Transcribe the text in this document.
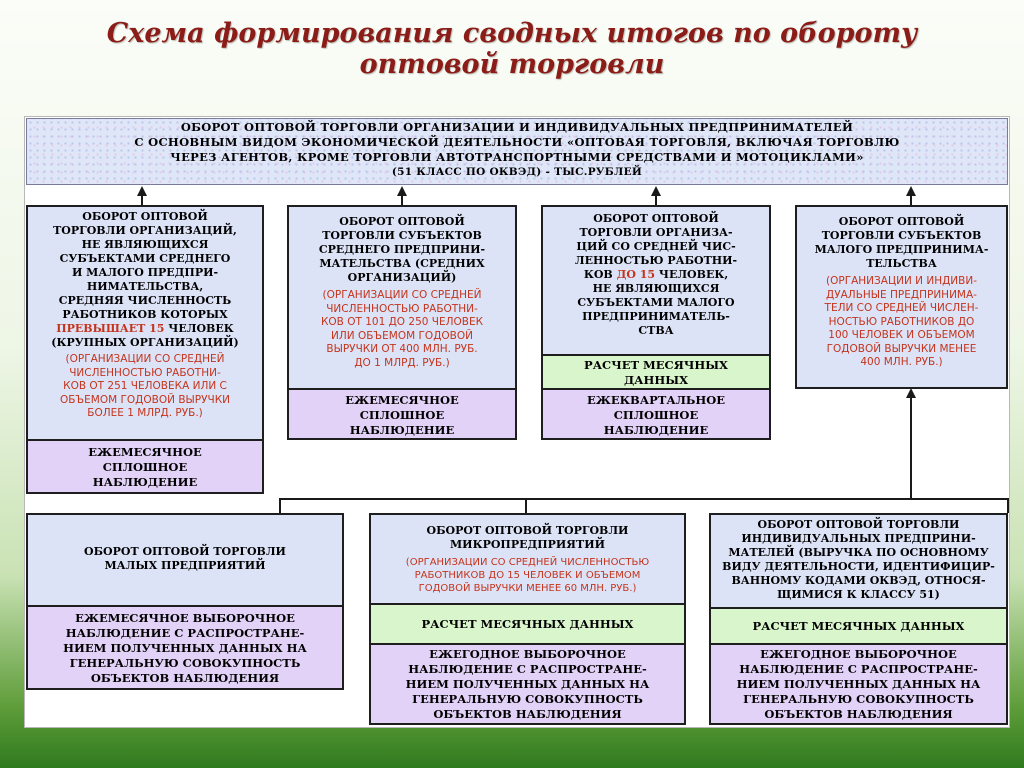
Схема формирования сводных итогов по обороту
оптовой торговли
ОБОРОТ ОПТОВОЙ ТОРГОВЛИ ОРГАНИЗАЦИИ И ИНДИВИДУАЛЬНЫХ ПРЕДПРИНИМАТЕЛЕЙ
С ОСНОВНЫМ ВИДОМ ЭКОНОМИЧЕСКОЙ ДЕЯТЕЛЬНОСТИ «ОПТОВАЯ ТОРГОВЛЯ, ВКЛЮЧАЯ ТОРГОВЛЮ
ЧЕРЕЗ АГЕНТОВ, КРОМЕ ТОРГОВЛИ АВТОТРАНСПОРТНЫМИ СРЕДСТВАМИ И МОТОЦИКЛАМИ»
(51 КЛАСС ПО ОКВЭД) - ТЫС.РУБЛЕЙ
ОБОРОТ ОПТОВОЙ
ТОРГОВЛИ ОРГАНИЗАЦИЙ,
НЕ ЯВЛЯЮЩИХСЯ
СУБЪЕКТАМИ СРЕДНЕГО
И МАЛОГО ПРЕДПРИ-
НИМАТЕЛЬСТВА,
СРЕДНЯЯ ЧИСЛЕННОСТЬ
РАБОТНИКОВ КОТОРЫХ
ПРЕВЫШАЕТ 15 ЧЕЛОВЕК
(КРУПНЫХ ОРГАНИЗАЦИЙ)
(ОРГАНИЗАЦИИ СО СРЕДНЕЙ
ЧИСЛЕННОСТЬЮ РАБОТНИ-
КОВ ОТ 251 ЧЕЛОВЕКА ИЛИ С
ОБЪЕМОМ ГОДОВОЙ ВЫРУЧКИ
БОЛЕЕ 1 МЛРД. РУБ.)
ЕЖЕМЕСЯЧНОЕ
СПЛОШНОЕ
НАБЛЮДЕНИЕ
ОБОРОТ ОПТОВОЙ
ТОРГОВЛИ СУБЪЕКТОВ
СРЕДНЕГО ПРЕДПРИНИ-
МАТЕЛЬСТВА (СРЕДНИХ
ОРГАНИЗАЦИЙ)
(ОРГАНИЗАЦИИ СО СРЕДНЕЙ
ЧИСЛЕННОСТЬЮ РАБОТНИ-
КОВ ОТ 101 ДО 250 ЧЕЛОВЕК
ИЛИ ОБЪЕМОМ ГОДОВОЙ
ВЫРУЧКИ ОТ 400 МЛН. РУБ.
ДО 1 МЛРД. РУБ.)
ЕЖЕМЕСЯЧНОЕ
СПЛОШНОЕ
НАБЛЮДЕНИЕ
ОБОРОТ ОПТОВОЙ
ТОРГОВЛИ ОРГАНИЗА-
ЦИЙ СО СРЕДНЕЙ ЧИС-
ЛЕННОСТЬЮ РАБОТНИ-
КОВ ДО 15 ЧЕЛОВЕК,
НЕ ЯВЛЯЮЩИХСЯ
СУБЪЕКТАМИ МАЛОГО
ПРЕДПРИНИМАТЕЛЬ-
СТВА
РАСЧЕТ МЕСЯЧНЫХ
ДАННЫХ
ЕЖЕКВАРТАЛЬНОЕ
СПЛОШНОЕ
НАБЛЮДЕНИЕ
ОБОРОТ ОПТОВОЙ
ТОРГОВЛИ СУБЪЕКТОВ
МАЛОГО ПРЕДПРИНИМА-
ТЕЛЬСТВА
(ОРГАНИЗАЦИИ И ИНДИВИ-
ДУАЛЬНЫЕ ПРЕДПРИНИМА-
ТЕЛИ СО СРЕДНЕЙ ЧИСЛЕН-
НОСТЬЮ РАБОТНИКОВ ДО
100 ЧЕЛОВЕК И ОБЪЕМОМ
ГОДОВОЙ ВЫРУЧКИ МЕНЕЕ
400 МЛН. РУБ.)
ОБОРОТ ОПТОВОЙ ТОРГОВЛИ
МАЛЫХ ПРЕДПРИЯТИЙ
ЕЖЕМЕСЯЧНОЕ ВЫБОРОЧНОЕ
НАБЛЮДЕНИЕ С РАСПРОСТРАНЕ-
НИЕМ ПОЛУЧЕННЫХ ДАННЫХ НА
ГЕНЕРАЛЬНУЮ СОВОКУПНОСТЬ
ОБЪЕКТОВ НАБЛЮДЕНИЯ
ОБОРОТ ОПТОВОЙ ТОРГОВЛИ
МИКРОПРЕДПРИЯТИЙ
(ОРГАНИЗАЦИИ СО СРЕДНЕЙ ЧИСЛЕННОСТЬЮ
РАБОТНИКОВ ДО 15 ЧЕЛОВЕК И ОБЪЕМОМ
ГОДОВОЙ ВЫРУЧКИ МЕНЕЕ 60 МЛН. РУБ.)
РАСЧЕТ МЕСЯЧНЫХ ДАННЫХ
ЕЖЕГОДНОЕ ВЫБОРОЧНОЕ
НАБЛЮДЕНИЕ С РАСПРОСТРАНЕ-
НИЕМ ПОЛУЧЕННЫХ ДАННЫХ НА
ГЕНЕРАЛЬНУЮ СОВОКУПНОСТЬ
ОБЪЕКТОВ НАБЛЮДЕНИЯ
ОБОРОТ ОПТОВОЙ ТОРГОВЛИ
ИНДИВИДУАЛЬНЫХ ПРЕДПРИНИ-
МАТЕЛЕЙ (ВЫРУЧКА ПО ОСНОВНОМУ
ВИДУ ДЕЯТЕЛЬНОСТИ, ИДЕНТИФИЦИР-
ВАННОМУ КОДАМИ ОКВЭД, ОТНОСЯ-
ЩИМИСЯ К КЛАССУ 51)
РАСЧЕТ МЕСЯЧНЫХ ДАННЫХ
ЕЖЕГОДНОЕ ВЫБОРОЧНОЕ
НАБЛЮДЕНИЕ С РАСПРОСТРАНЕ-
НИЕМ ПОЛУЧЕННЫХ ДАННЫХ НА
ГЕНЕРАЛЬНУЮ СОВОКУПНОСТЬ
ОБЪЕКТОВ НАБЛЮДЕНИЯ
